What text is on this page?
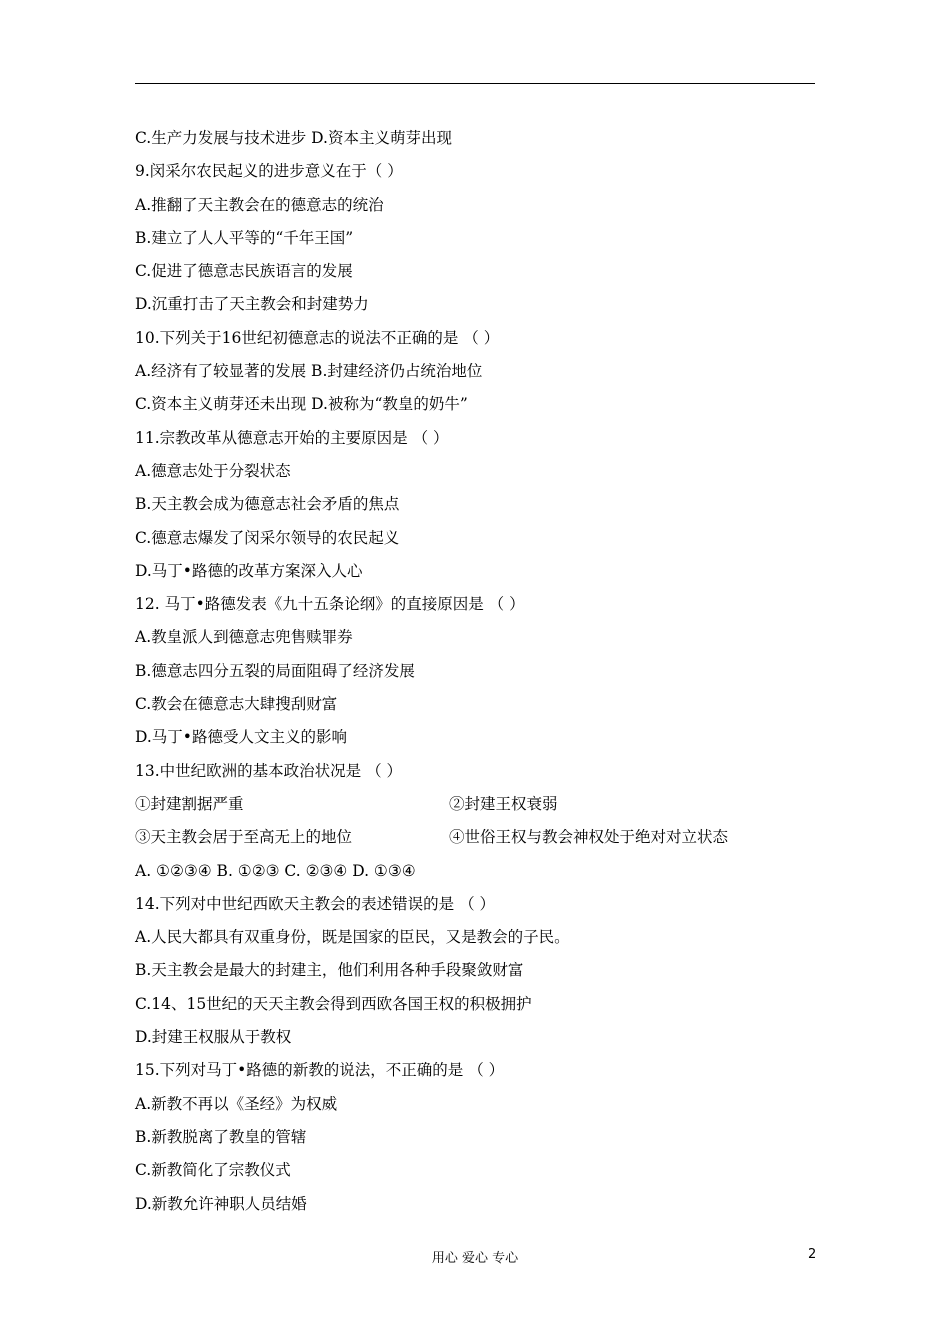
C.生产力发展与技术进步 D.资本主义萌芽出现
9.闵采尔农民起义的进步意义在于（ ）
A.推翻了天主教会在的德意志的统治
B.建立了人人平等的“千年王国”
C.促进了德意志民族语言的发展
D.沉重打击了天主教会和封建势力
10.下列关于16世纪初德意志的说法不正确的是 （ ）
A.经济有了较显著的发展 B.封建经济仍占统治地位
C.资本主义萌芽还未出现 D.被称为“教皇的奶牛”
11.宗教改革从德意志开始的主要原因是 （ ）
A.德意志处于分裂状态
B.天主教会成为德意志社会矛盾的焦点
C.德意志爆发了闵采尔领导的农民起义
D.马丁•路德的改革方案深入人心
12. 马丁•路德发表《九十五条论纲》的直接原因是 （ ）
A.教皇派人到德意志兜售赎罪券
B.德意志四分五裂的局面阻碍了经济发展
C.教会在德意志大肆搜刮财富
D.马丁•路德受人文主义的影响
13.中世纪欧洲的基本政治状况是 （ ）
①封建割据严重	②封建王权衰弱
③天主教会居于至高无上的地位	④世俗王权与教会神权处于绝对对立状态
A. ①②③④ B. ①②③ C. ②③④ D. ①③④
14.下列对中世纪西欧天主教会的表述错误的是 （ ）
A.人民大都具有双重身份，既是国家的臣民，又是教会的子民。
B.天主教会是最大的封建主，他们利用各种手段聚敛财富
C.14、15世纪的天天主教会得到西欧各国王权的积极拥护
D.封建王权服从于教权
15.下列对马丁•路德的新教的说法，不正确的是 （ ）
A.新教不再以《圣经》为权威
B.新教脱离了教皇的管辖
C.新教简化了宗教仪式
D.新教允许神职人员结婚
用心 爱心 专心	2
